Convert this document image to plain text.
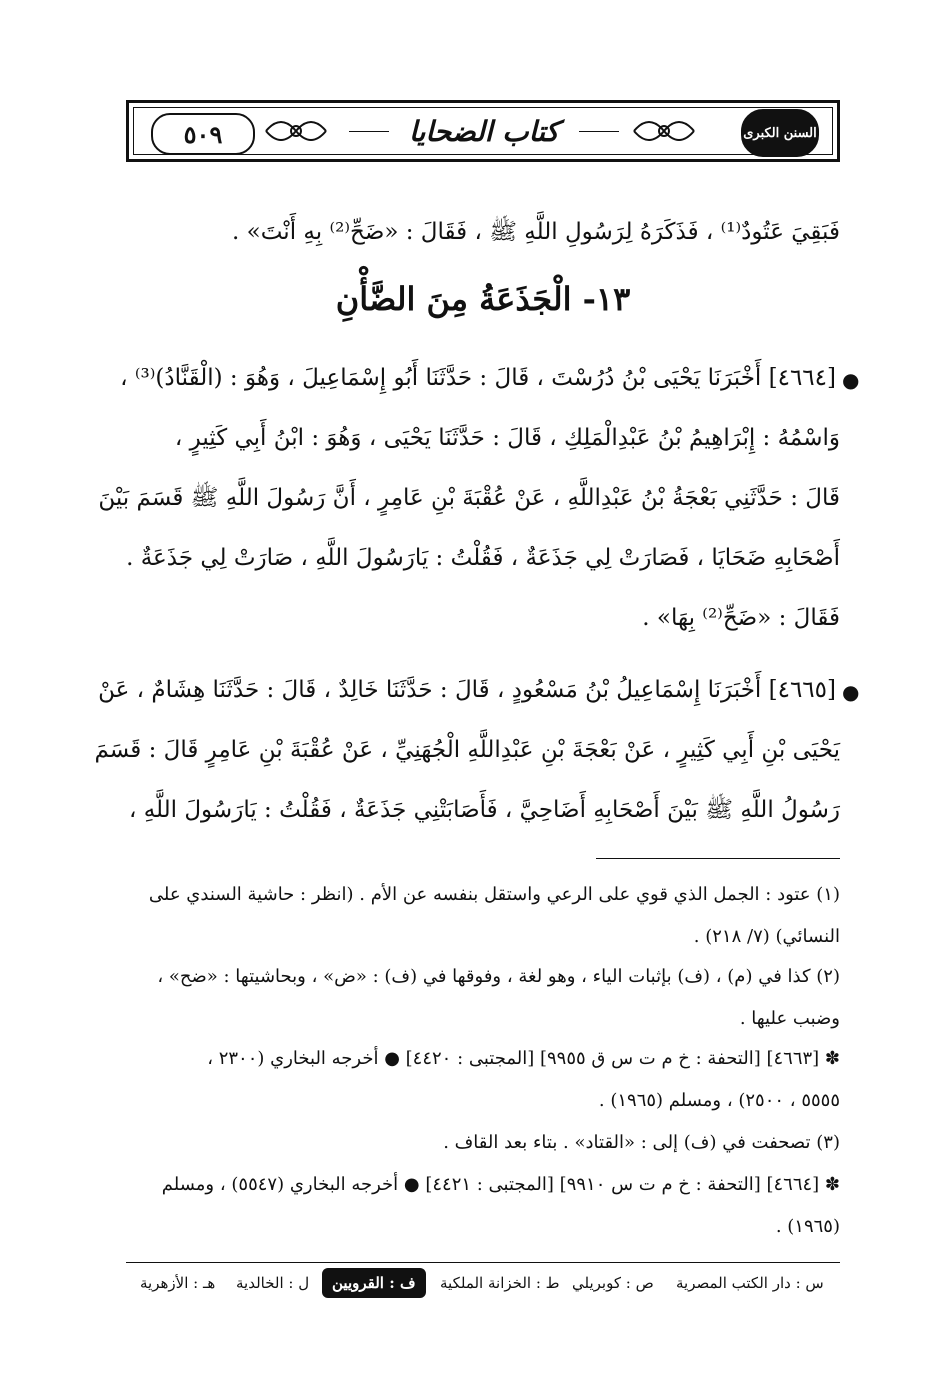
٥٠٩	كتاب الضحايا	السنن الكبرى
فَبَقِيَ عَتُودٌ⁽¹⁾ ، فَذَكَرَهُ لِرَسُولِ اللَّهِ ﷺ ، فَقَالَ : «ضَحِّ⁽²⁾ بِهِ أَنْتَ» .
١٣- الْجَذَعَةُ مِنَ الضَّأْنِ
●
[٤٦٦٤] أَخْبَرَنَا يَحْيَى بْنُ دُرُسْتَ ، قَالَ : حَدَّثَنَا أَبُو إِسْمَاعِيلَ ، وَهُوَ : (الْقَنَّادُ)⁽³⁾ ،
وَاسْمُهُ : إِبْرَاهِيمُ بْنُ عَبْدِالْمَلِكِ ، قَالَ : حَدَّثَنَا يَحْيَى ، وَهُوَ : ابْنُ أَبِي كَثِيرٍ ،
قَالَ : حَدَّثَنِي بَعْجَةُ بْنُ عَبْدِاللَّهِ ، عَنْ عُقْبَةَ بْنِ عَامِرٍ ، أَنَّ رَسُولَ اللَّهِ ﷺ قَسَمَ بَيْنَ
أَصْحَابِهِ ضَحَايَا ، فَصَارَتْ لِي جَذَعَةٌ ، فَقُلْتُ : يَارَسُولَ اللَّهِ ، صَارَتْ لِي جَذَعَةٌ .
فَقَالَ : «ضَحِّ⁽²⁾ بِهَا» .
●
[٤٦٦٥] أَخْبَرَنَا إِسْمَاعِيلُ بْنُ مَسْعُودٍ ، قَالَ : حَدَّثَنَا خَالِدٌ ، قَالَ : حَدَّثَنَا هِشَامٌ ، عَنْ
يَحْيَى بْنِ أَبِي كَثِيرٍ ، عَنْ بَعْجَةَ بْنِ عَبْدِاللَّهِ الْجُهَنِيِّ ، عَنْ عُقْبَةَ بْنِ عَامِرٍ قَالَ : قَسَمَ
رَسُولُ اللَّهِ ﷺ بَيْنَ أَصْحَابِهِ أَضَاحِيَّ ، فَأَصَابَتْنِي جَذَعَةٌ ، فَقُلْتُ : يَارَسُولَ اللَّهِ ،
(١) عتود : الجمل الذي قوي على الرعي واستقل بنفسه عن الأم . (انظر : حاشية السندي على
النسائي) (٧/ ٢١٨) .
(٢) كذا في (م) ، (ف) بإثبات الياء ، وهو لغة ، وفوقها في (ف) : «ض» ، وبحاشيتها : «ضح» ،
وضبب عليها .
✽ [٤٦٦٣] [التحفة : خ م ت س ق ٩٩٥٥] [المجتبى : ٤٤٢٠] ● أخرجه البخاري (٢٣٠٠ ،
٥٥٥٥ ، ٢٥٠٠) ، ومسلم (١٩٦٥) .
(٣) تصحفت في (ف) إلى : «القتاد» . بتاء بعد القاف .
✽ [٤٦٦٤] [التحفة : خ م ت س ٩٩١٠] [المجتبى : ٤٤٢١] ● أخرجه البخاري (٥٥٤٧) ، ومسلم
(١٩٦٥) .
س : دار الكتب المصرية
ص : كوبريلي
ط : الخزانة الملكية
ف : القرويين
ل : الخالدية
هـ : الأزهرية
